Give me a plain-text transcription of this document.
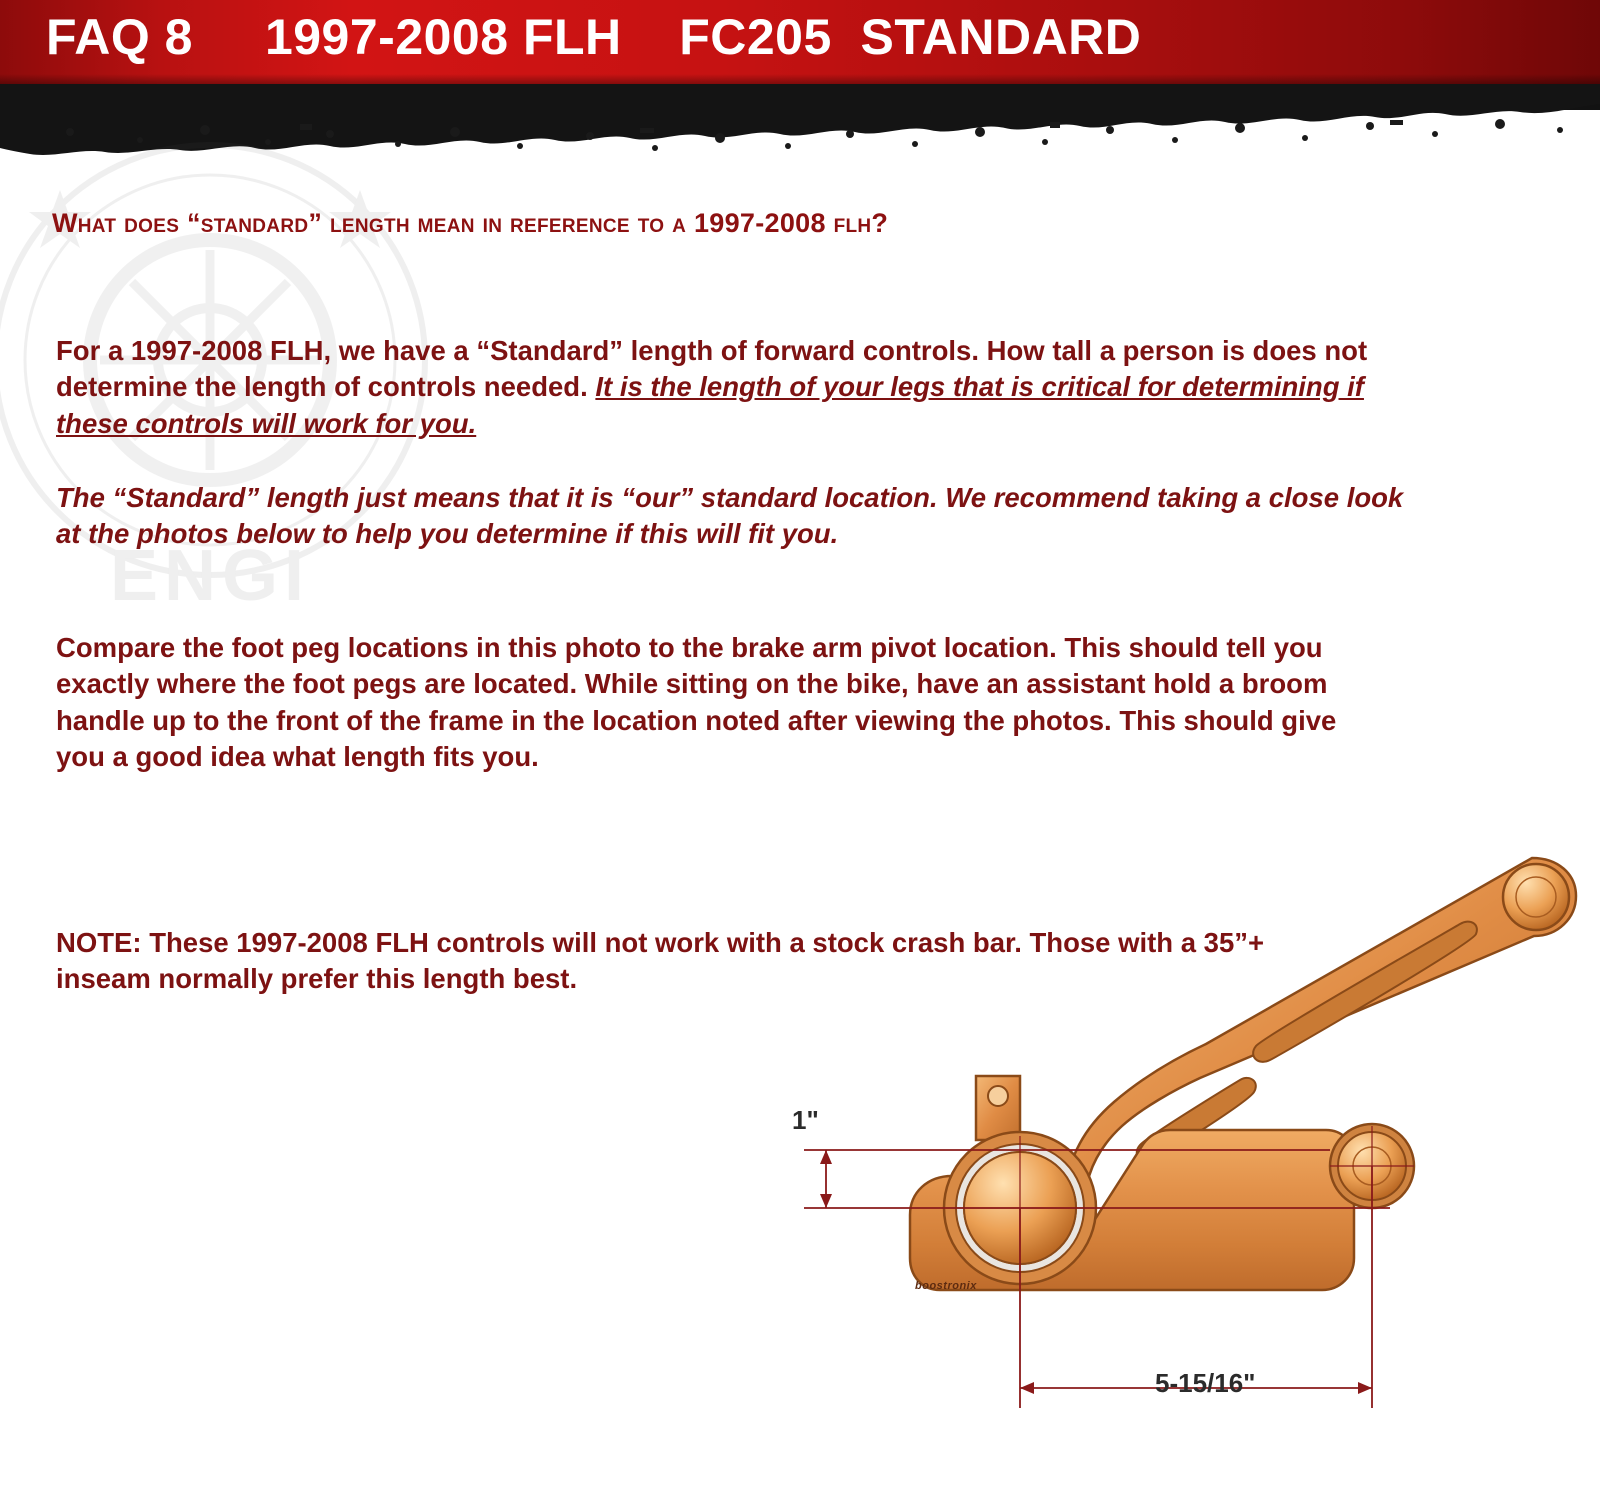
FAQ 8     1997-2008 FLH    FC205  STANDARD
ENGI
What does “standard” length mean in reference to a 1997-2008 flh?
For a 1997-2008 FLH, we have a “Standard” length of forward controls. How tall a person is does not determine the length of controls needed. It is the length of your legs that is critical for determining if these controls will work for you.
The “Standard” length just means that it is “our” standard location. We recommend taking a close look at the photos below to help you determine if this will fit you.
Compare the foot peg locations in this photo to the brake arm pivot location. This should tell you exactly where the foot pegs are located. While sitting on the bike, have an assistant hold a broom handle up to the front of the frame in the location noted after viewing the photos. This should give you a good idea what length fits you.
NOTE: These 1997-2008 FLH controls will not work with a stock crash bar. Those with a 35”+ inseam normally prefer this length best.
1"
5-15/16"
boostronix
